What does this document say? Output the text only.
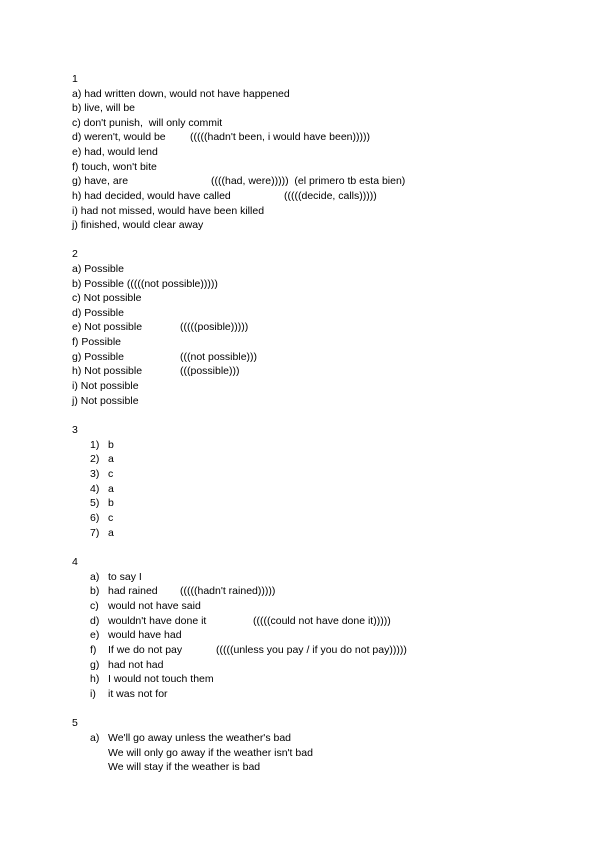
1
a) had written down, would not have happened
b) live, will be
c) don't punish,  will only commit
d) weren't, would be (((((hadn't been, i would have been)))))
e) had, would lend
f) touch, won't bite
g) have, are	((((had, were)))))  (el primero tb esta bien)
h) had decided, would have called	(((((decide, calls)))))
i) had not missed, would have been killed
j) finished, would clear away
2
a) Possible
b) Possible (((((not possible)))))
c) Not possible
d) Possible
e) Not possible	(((((posible)))))
f) Possible
g) Possible	(((not possible)))
h) Not possible	(((possible)))
i) Not possible
j) Not possible
3
1) b
2) a
3) c
4) a
5) b
6) c
7) a
4
a) to say I
b) had rained (((((hadn't rained)))))
c) would not have said
d) wouldn't have done it	(((((could not have done it)))))
e) would have had
f) If we do not pay	(((((unless you pay / if you do not pay)))))
g) had not had
h) I would not touch them
i) it was not for
5
a) We'll go away unless the weather's bad
We will only go away if the weather isn't bad
We will stay if the weather is bad
